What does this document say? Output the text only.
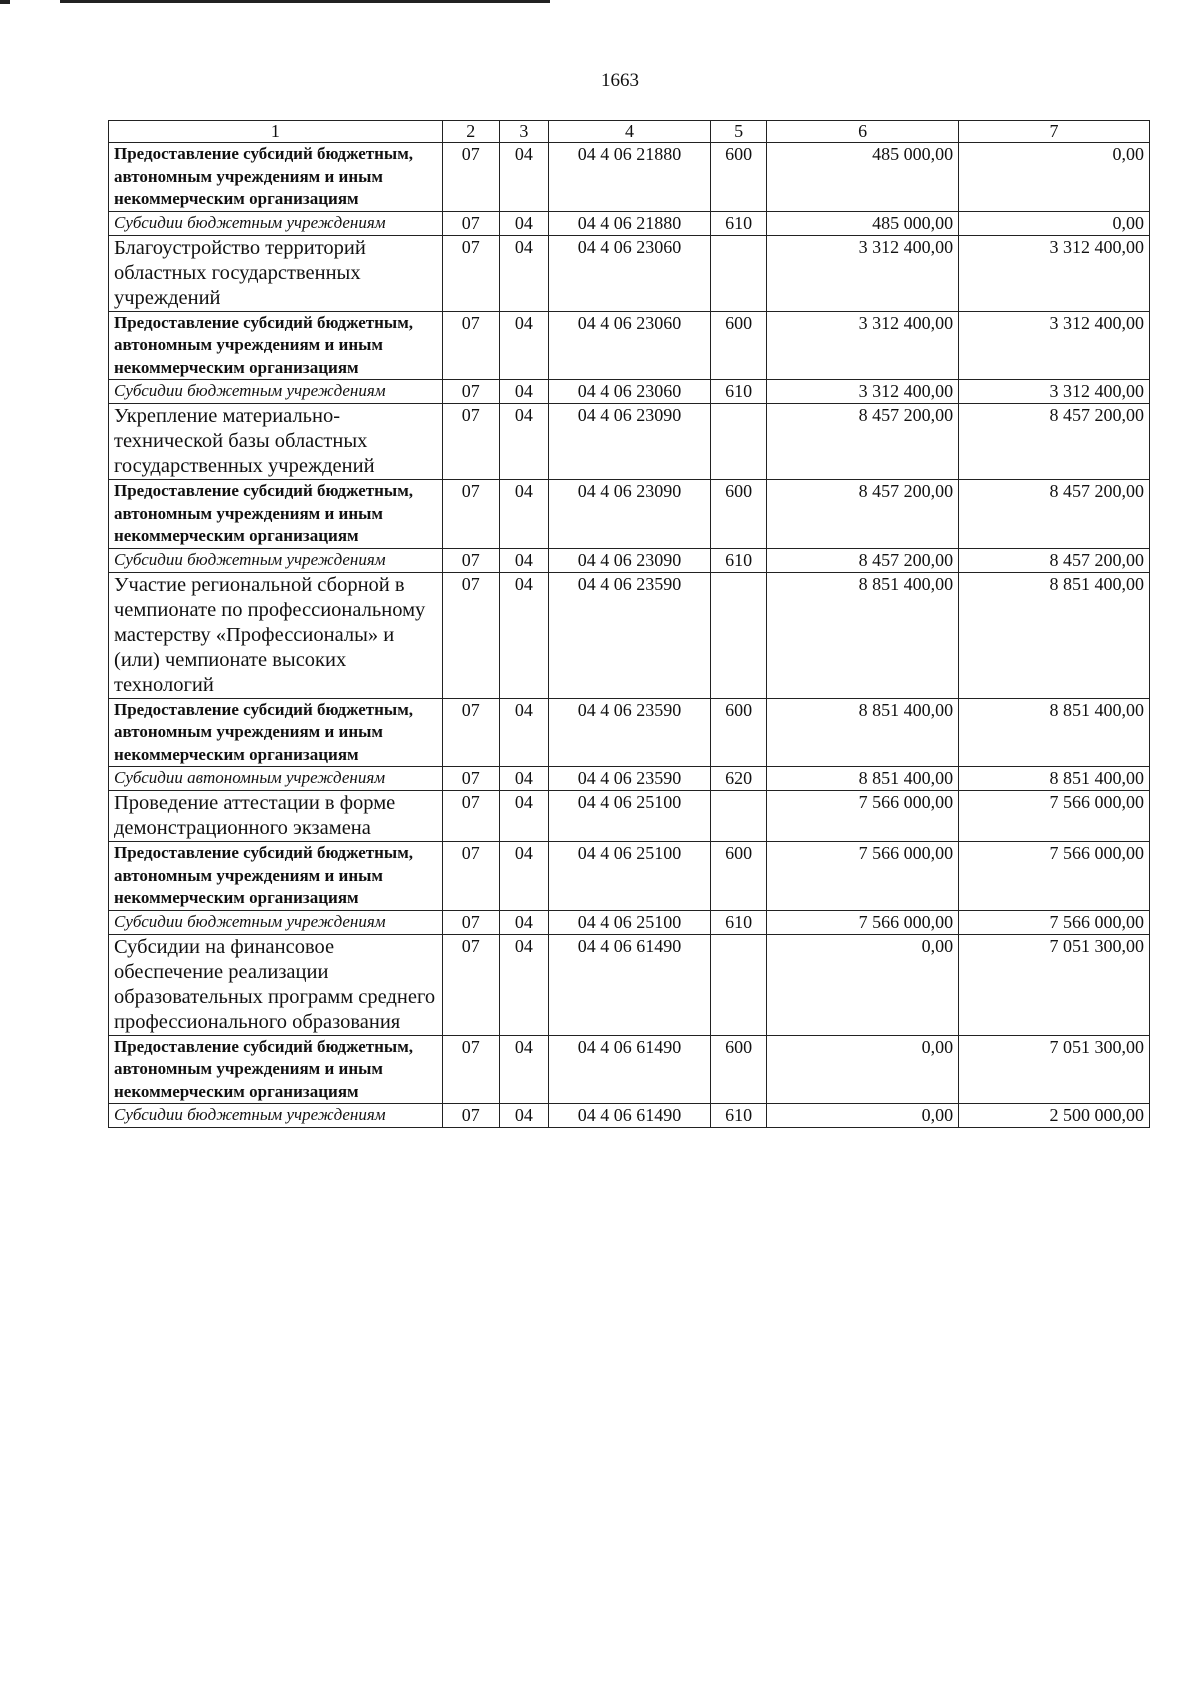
1663
1	2	3	4	5	6	7
Предоставление субсидий бюджетным, автономным учреждениям и иным некоммерческим организациям	07	04	04 4 06 21880	600	485 000,00	0,00
Субсидии бюджетным учреждениям	07	04	04 4 06 21880	610	485 000,00	0,00
Благоустройство территорий областных государственных учреждений	07	04	04 4 06 23060		3 312 400,00	3 312 400,00
Предоставление субсидий бюджетным, автономным учреждениям и иным некоммерческим организациям	07	04	04 4 06 23060	600	3 312 400,00	3 312 400,00
Субсидии бюджетным учреждениям	07	04	04 4 06 23060	610	3 312 400,00	3 312 400,00
Укрепление материально-технической базы областных государственных учреждений	07	04	04 4 06 23090		8 457 200,00	8 457 200,00
Предоставление субсидий бюджетным, автономным учреждениям и иным некоммерческим организациям	07	04	04 4 06 23090	600	8 457 200,00	8 457 200,00
Субсидии бюджетным учреждениям	07	04	04 4 06 23090	610	8 457 200,00	8 457 200,00
Участие региональной сборной в чемпионате по профессиональному мастерству «Профессионалы» и (или) чемпионате высоких технологий	07	04	04 4 06 23590		8 851 400,00	8 851 400,00
Предоставление субсидий бюджетным, автономным учреждениям и иным некоммерческим организациям	07	04	04 4 06 23590	600	8 851 400,00	8 851 400,00
Субсидии автономным учреждениям	07	04	04 4 06 23590	620	8 851 400,00	8 851 400,00
Проведение аттестации в форме демонстрационного экзамена	07	04	04 4 06 25100		7 566 000,00	7 566 000,00
Предоставление субсидий бюджетным, автономным учреждениям и иным некоммерческим организациям	07	04	04 4 06 25100	600	7 566 000,00	7 566 000,00
Субсидии бюджетным учреждениям	07	04	04 4 06 25100	610	7 566 000,00	7 566 000,00
Субсидии на финансовое обеспечение реализации образовательных программ среднего профессионального образования	07	04	04 4 06 61490		0,00	7 051 300,00
Предоставление субсидий бюджетным, автономным учреждениям и иным некоммерческим организациям	07	04	04 4 06 61490	600	0,00	7 051 300,00
Субсидии бюджетным учреждениям	07	04	04 4 06 61490	610	0,00	2 500 000,00
